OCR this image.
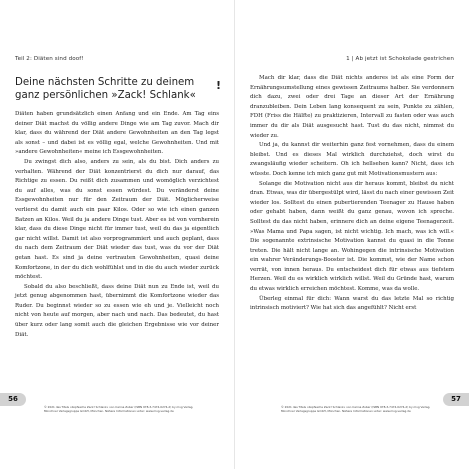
Teil 2: Diäten sind doof!
Deine nächsten Schritte zu deinem ganz persönlichen »Zack! Schlank«
!

Diäten haben grundsätzlich einen Anfang und ein Ende. Am Tag eins deiner Diät machst du völlig andere Dinge wie am Tag zuvor. Mach dir klar, dass du während der Diät andere Gewohnheiten an den Tag legst als sonst – und dabei ist es völlig egal, welche Gewohnheiten. Und mit »andere Gewohnheiten« meine ich Essgewohnheiten.

Du zwingst dich also, anders zu sein, als du bist. Dich anders zu verhalten. Während der Diät konzentrierst du dich nur darauf, das Richtige zu essen. Du reißt dich zusammen und womöglich verzichtest du auf alles, was du sonst essen würdest. Du veränderst deine Essgewohnheiten nur für den Zeitraum der Diät. Möglicherweise verlierst du damit auch ein paar Kilos. Oder so wie ich einen ganzen Batzen an Kilos. Weil du ja andere Dinge tust. Aber es ist von vornherein klar, dass du diese Dinge nicht für immer tust, weil du das ja eigentlich gar nicht willst. Damit ist also vorprogrammiert und auch geplant, dass du nach dem Zeitraum der Diät wieder das tust, was du vor der Diät getan hast. Es sind ja deine vertrauten Gewohnheiten, quasi deine Komfortzone, in der du dich wohlfühlst und in die du auch wieder zurück möchtest.

Sobald du also beschließt, dass deine Diät nun zu Ende ist, weil du jetzt genug abgenommen hast, übernimmt die Komfortzone wieder das Ruder. Du beginnst wieder so zu essen wie eh und je. Vielleicht noch nicht von heute auf morgen, aber nach und nach. Das bedeutet, du hast über kurz oder lang somit auch die gleichen Ergebnisse wie vor deiner Diät.

56
© 2021 des Titels »Kopfsache Zack! Schlank« von Carina Zuber (ISBN 978-3-7474-0274-2) by mvg Verlag,
Münchner Verlagsgruppe GmbH, München. Nähere Informationen unter: www.mvg-verlag.de
1 | Ab jetzt ist Schokolade gestrichen

Mach dir klar, dass die Diät nichts anderes ist als eine Form der Ernährungsumstellung eines gewissen Zeitraums halber. Sie verdonnern dich dazu, zwei oder drei Tage an dieser Art der Ernährung dranzubleiben. Dein Leben lang konsequent zu sein, Punkte zu zählen, FDH (Friss die Hälfte) zu praktizieren, Intervall zu fasten oder was auch immer du dir als Diät ausgesucht hast. Tust du das nicht, nimmst du wieder zu.

Und ja, du kannst dir weiterhin ganz fest vornehmen, dass du einem bleibst. Und es dieses Mal wirklich durchziehst, doch wirst du zwangsläufig wieder scheitern. Oh ich hellsehen kann? Nicht, dass ich wüsste. Doch kenne ich mich ganz gut mit Motivationsmustern aus:

Solange die Motivation nicht aus dir heraus kommt, bleibst du nicht dran. Etwas, was dir übergestülpt wird, lässt du nach einer gewissen Zeit wieder los. Solltest du einen pubertierenden Teenager zu Hause haben oder gehabt haben, dann weißt du ganz genau, wovon ich spreche. Solltest du das nicht haben, erinnere dich an deine eigene Teenagerzeit. »Was Mama und Papa sagen, ist nicht wichtig. Ich mach, was ich will.« Die sogenannte extrinsische Motivation kannst du quasi in die Tonne treten. Die hält nicht lange an. Wohingegen die intrinsische Motivation ein wahrer Veränderungs-Booster ist. Die kommst, wie der Name schon verrät, von innen heraus. Du entscheidest dich für etwas aus tiefstem Herzen. Weil du es wirklich wirklich willst. Weil du Gründe hast, warum du etwas wirklich erreichen möchtest. Komme, was da wolle.

Überleg einmal für dich: Wann warst du das letzte Mal so richtig intrinsisch motiviert? Wie hat sich das angefühlt? Nicht erst

57
© 2021 des Titels »Kopfsache Zack! Schlank« von Carina Zuber (ISBN 978-3-7474-0274-2) by mvg Verlag,
Münchner Verlagsgruppe GmbH, München. Nähere Informationen unter: www.mvg-verlag.de
